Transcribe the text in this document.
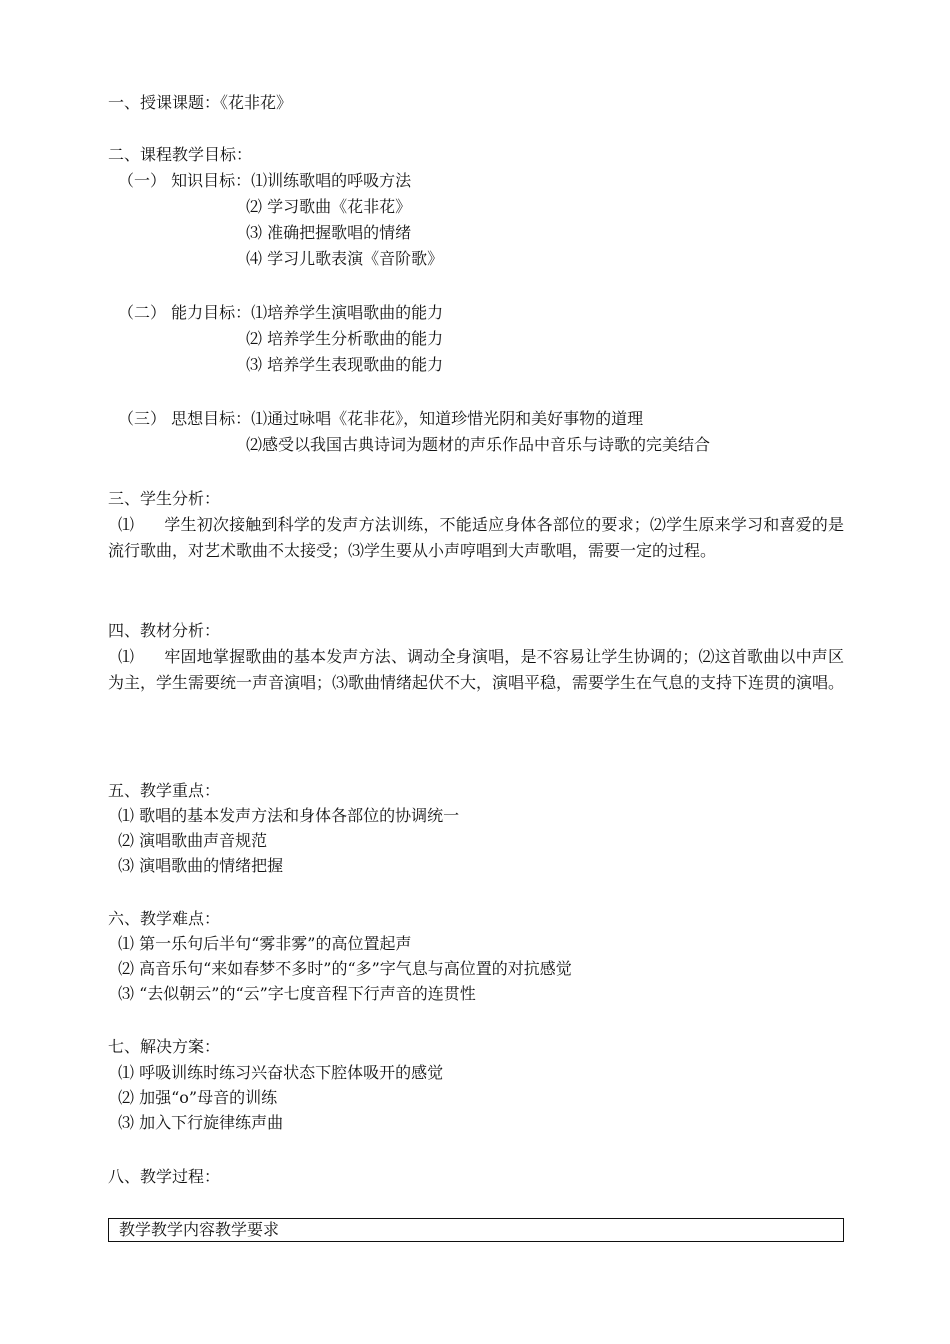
一、授课课题：《花非花》
二、课程教学目标：
（一） 知识目标：⑴训练歌唱的呼吸方法
⑵ 学习歌曲《花非花》
⑶ 准确把握歌唱的情绪
⑷ 学习儿歌表演《音阶歌》
（二） 能力目标：⑴培养学生演唱歌曲的能力
⑵ 培养学生分析歌曲的能力
⑶ 培养学生表现歌曲的能力
（三） 思想目标：⑴通过咏唱《花非花》，知道珍惜光阴和美好事物的道理
⑵感受以我国古典诗词为题材的声乐作品中音乐与诗歌的完美结合
三、学生分析：
⑴ 学生初次接触到科学的发声方法训练，不能适应身体各部位的要求；⑵学生原来学习和喜爱的是流行歌曲，对艺术歌曲不太接受；⑶学生要从小声哼唱到大声歌唱，需要一定的过程。
四、教材分析：
⑴ 牢固地掌握歌曲的基本发声方法、调动全身演唱，是不容易让学生协调的；⑵这首歌曲以中声区为主，学生需要统一声音演唱；⑶歌曲情绪起伏不大，演唱平稳，需要学生在气息的支持下连贯的演唱。
五、教学重点：
⑴ 歌唱的基本发声方法和身体各部位的协调统一
⑵ 演唱歌曲声音规范
⑶ 演唱歌曲的情绪把握
六、教学难点：
⑴ 第一乐句后半句“雾非雾”的高位置起声
⑵ 高音乐句“来如春梦不多时”的“多”字气息与高位置的对抗感觉
⑶ “去似朝云”的“云”字七度音程下行声音的连贯性
七、解决方案：
⑴ 呼吸训练时练习兴奋状态下腔体吸开的感觉
⑵ 加强“o”母音的训练
⑶ 加入下行旋律练声曲
八、教学过程：
教学教学内容教学要求
